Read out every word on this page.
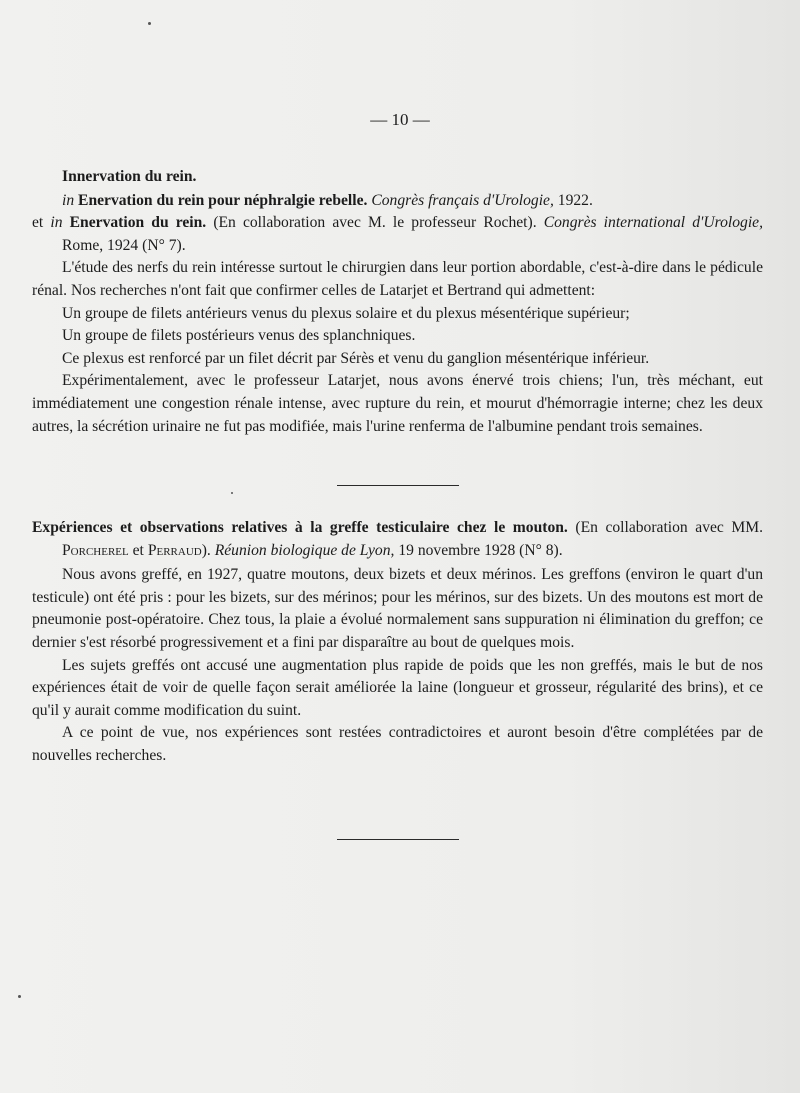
— 10 —

Innervation du rein.

in Enervation du rein pour néphralgie rebelle. Congrès français d'Urologie, 1922.

et in Enervation du rein. (En collaboration avec M. le professeur Rochet). Congrès international d'Urologie, Rome, 1924 (N° 7).

L'étude des nerfs du rein intéresse surtout le chirurgien dans leur portion abordable, c'est-à-dire dans le pédicule rénal. Nos recherches n'ont fait que confirmer celles de Latarjet et Bertrand qui admettent:

Un groupe de filets antérieurs venus du plexus solaire et du plexus mésentérique supérieur;

Un groupe de filets postérieurs venus des splanchniques.

Ce plexus est renforcé par un filet décrit par Sérès et venu du ganglion mésentérique inférieur.

Expérimentalement, avec le professeur Latarjet, nous avons énervé trois chiens; l'un, très méchant, eut immédiatement une congestion rénale intense, avec rupture du rein, et mourut d'hémorragie interne; chez les deux autres, la sécrétion urinaire ne fut pas modifiée, mais l'urine renferma de l'albumine pendant trois semaines.

Expériences et observations relatives à la greffe testiculaire chez le mouton. (En collaboration avec MM. Porcherel et Perraud). Réunion biologique de Lyon, 19 novembre 1928 (N° 8).

Nous avons greffé, en 1927, quatre moutons, deux bizets et deux mérinos. Les greffons (environ le quart d'un testicule) ont été pris : pour les bizets, sur des mérinos; pour les mérinos, sur des bizets. Un des moutons est mort de pneumonie post-opératoire. Chez tous, la plaie a évolué normalement sans suppuration ni élimination du greffon; ce dernier s'est résorbé progressivement et a fini par disparaître au bout de quelques mois.

Les sujets greffés ont accusé une augmentation plus rapide de poids que les non greffés, mais le but de nos expériences était de voir de quelle façon serait améliorée la laine (longueur et grosseur, régularité des brins), et ce qu'il y aurait comme modification du suint.

A ce point de vue, nos expériences sont restées contradictoires et auront besoin d'être complétées par de nouvelles recherches.
